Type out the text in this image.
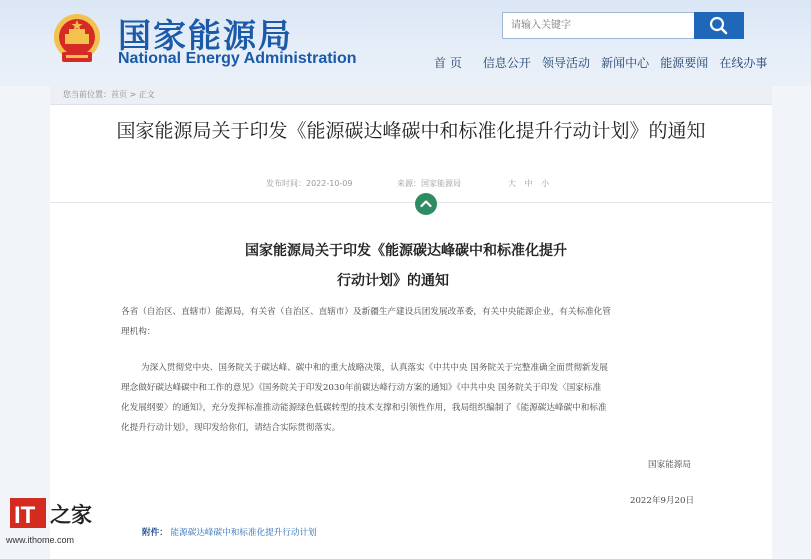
国家能源局
National Energy Administration
请输入关键字	首 页 信息公开 领导活动 新闻中心 能源要闻 在线办事
您当前位置：首页 > 正文
国家能源局关于印发《能源碳达峰碳中和标准化提升行动计划》的通知
发布时间：2022-10-09	来源：国家能源局	大 中 小
国家能源局关于印发《能源碳达峰碳中和标准化提升
行动计划》的通知
各省（自治区、直辖市）能源局，有关省（自治区、直辖市）及新疆生产建设兵团发展改革委，有关中央能源企业，有关标准化管
理机构：
为深入贯彻党中央、国务院关于碳达峰、碳中和的重大战略决策，认真落实《中共中央 国务院关于完整准确全面贯彻新发展
理念做好碳达峰碳中和工作的意见》《国务院关于印发2030年前碳达峰行动方案的通知》《中共中央 国务院关于印发〈国家标准
化发展纲要〉的通知》，充分发挥标准推动能源绿色低碳转型的技术支撑和引领性作用，我局组织编制了《能源碳达峰碳中和标准
化提升行动计划》，现印发给你们，请结合实际贯彻落实。
国家能源局
2022年9月20日
附件： 能源碳达峰碳中和标准化提升行动计划
IT 之家
www.ithome.com
